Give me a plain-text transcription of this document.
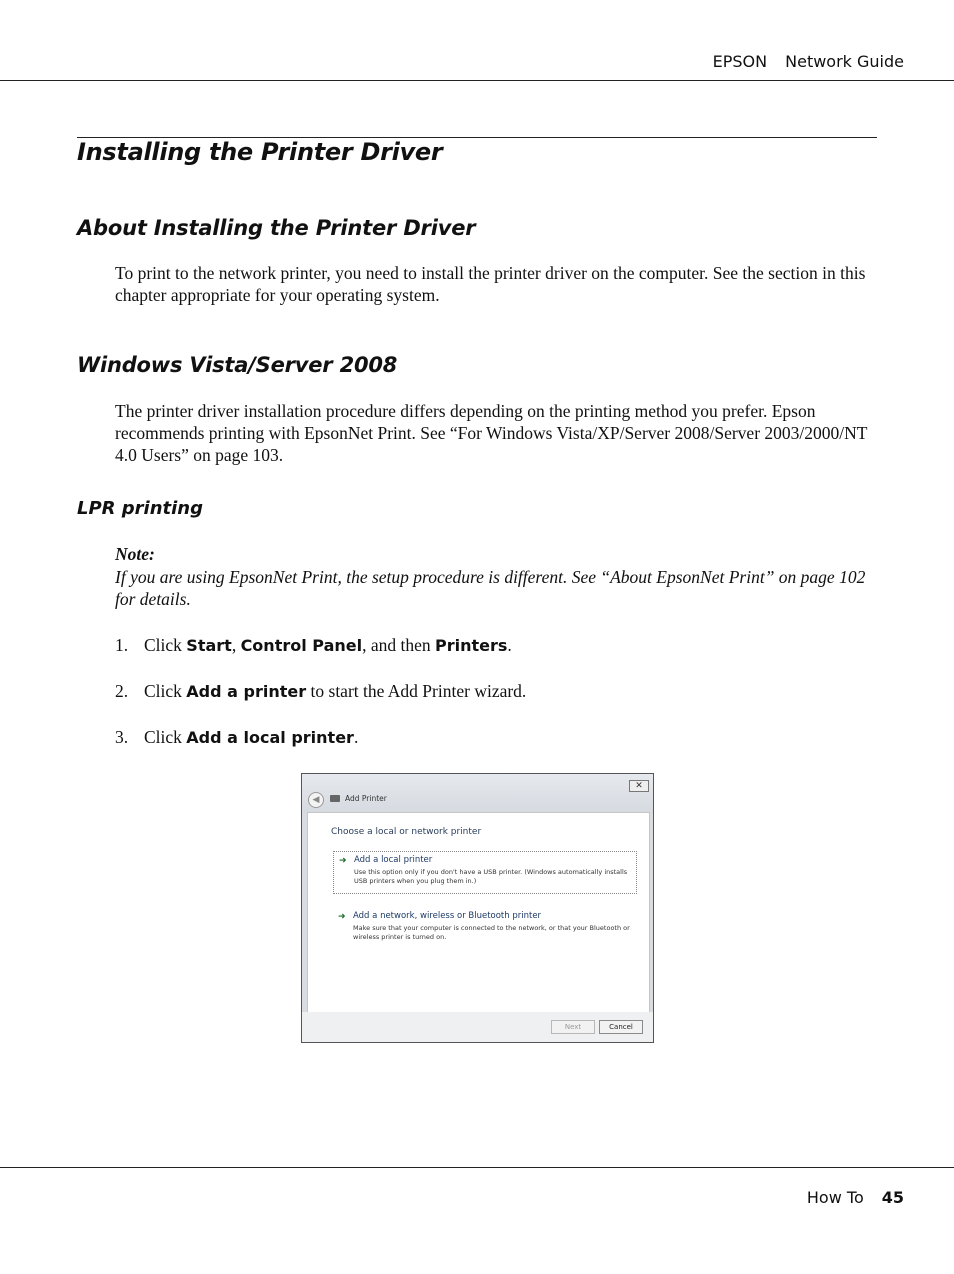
EPSON Network Guide
Installing the Printer Driver
About Installing the Printer Driver
To print to the network printer, you need to install the printer driver on the computer. See the section in this chapter appropriate for your operating system.
Windows Vista/Server 2008
The printer driver installation procedure differs depending on the printing method you prefer. Epson recommends printing with EpsonNet Print. See “For Windows Vista/XP/Server 2008/Server 2003/2000/NT 4.0 Users” on page 103.
LPR printing
Note:
If you are using EpsonNet Print, the setup procedure is different. See “About EpsonNet Print” on page 102 for details.
1. Click Start, Control Panel, and then Printers.
2. Click Add a printer to start the Add Printer wizard.
3. Click Add a local printer.
✕
◀	Add Printer
Choose a local or network printer
➜ Add a local printer
Use this option only if you don't have a USB printer. (Windows automatically installs USB printers when you plug them in.)
➜ Add a network, wireless or Bluetooth printer
Make sure that your computer is connected to the network, or that your Bluetooth or wireless printer is turned on.
Next	Cancel
How To 45
